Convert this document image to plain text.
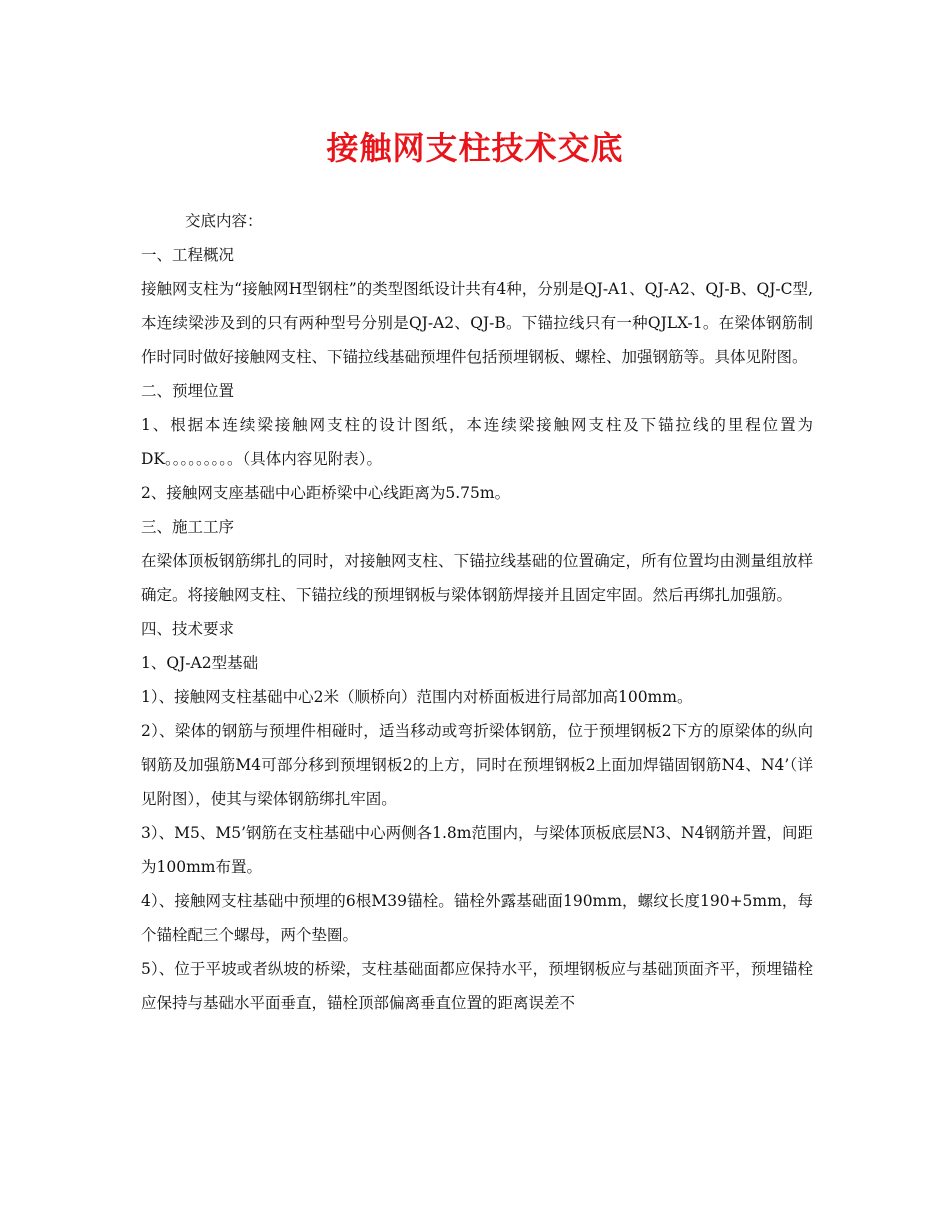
接触网支柱技术交底

交底内容：

一、工程概况

接触网支柱为“接触网H型钢柱”的类型图纸设计共有4种，分别是QJ-A1、QJ-A2、QJ-B、QJ-C型,本连续梁涉及到的只有两种型号分别是QJ-A2、QJ-B。下锚拉线只有一种QJLX-1。在梁体钢筋制作时同时做好接触网支柱、下锚拉线基础预埋件包括预埋钢板、螺栓、加强钢筋等。具体见附图。

二、预埋位置

1、根据本连续梁接触网支柱的设计图纸，本连续梁接触网支柱及下锚拉线的里程位置为DK。。。。。。。。。（具体内容见附表）。

2、接触网支座基础中心距桥梁中心线距离为5.75m。

三、施工工序

在梁体顶板钢筋绑扎的同时，对接触网支柱、下锚拉线基础的位置确定，所有位置均由测量组放样确定。将接触网支柱、下锚拉线的预埋钢板与梁体钢筋焊接并且固定牢固。然后再绑扎加强筋。

四、技术要求

1、QJ-A2型基础

1）、接触网支柱基础中心2米（顺桥向）范围内对桥面板进行局部加高100mm。

2）、梁体的钢筋与预埋件相碰时，适当移动或弯折梁体钢筋，位于预埋钢板2下方的原梁体的纵向钢筋及加强筋M4可部分移到预埋钢板2的上方，同时在预埋钢板2上面加焊锚固钢筋N4、N4’（详见附图），使其与梁体钢筋绑扎牢固。

3）、M5、M5’钢筋在支柱基础中心两侧各1.8m范围内，与梁体顶板底层N3、N4钢筋并置，间距为100mm布置。

4）、接触网支柱基础中预埋的6根M39锚栓。锚栓外露基础面190mm，螺纹长度190+5mm，每个锚栓配三个螺母，两个垫圈。

5）、位于平坡或者纵坡的桥梁，支柱基础面都应保持水平，预埋钢板应与基础顶面齐平，预埋锚栓应保持与基础水平面垂直，锚栓顶部偏离垂直位置的距离误差不
